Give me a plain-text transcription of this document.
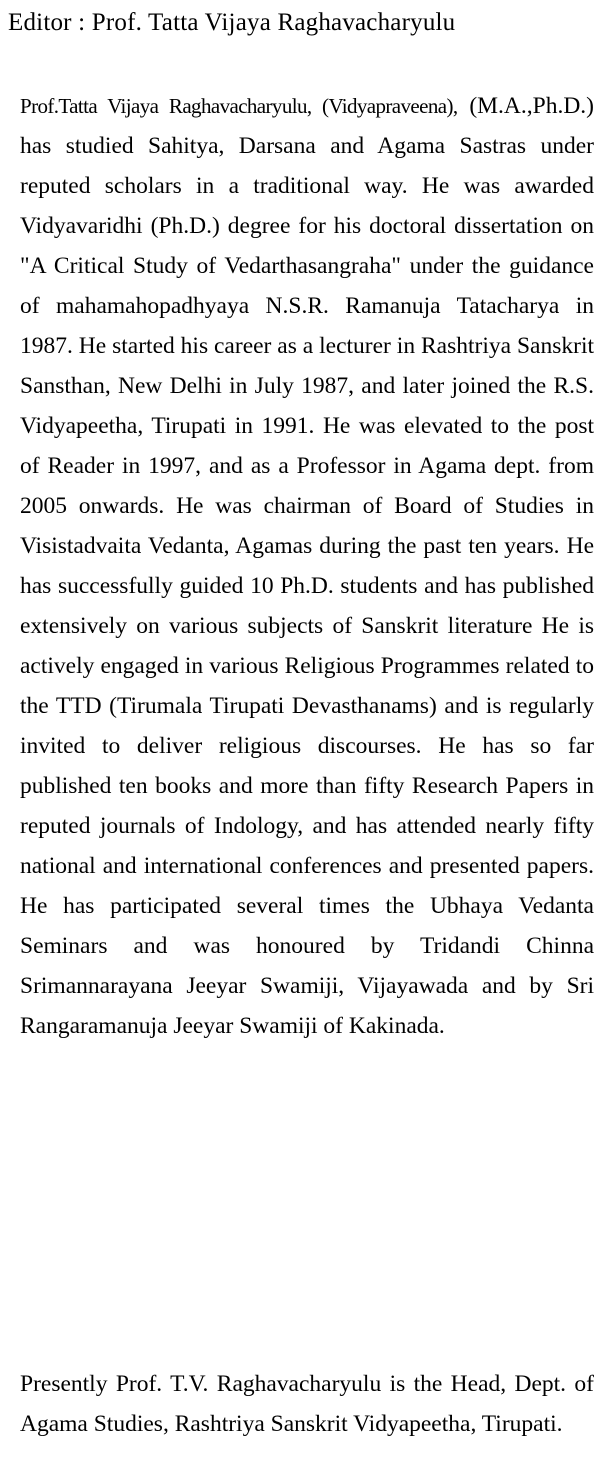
Editor : Prof. Tatta Vijaya Raghavacharyulu

Prof.Tatta Vijaya Raghavacharyulu, (Vidyapraveena), (M.A.,Ph.D.) has studied Sahitya, Darsana and Agama Sastras under reputed scholars in a traditional way. He was awarded Vidyavaridhi (Ph.D.) degree for his doctoral dissertation on "A Critical Study of Vedarthasangraha" under the guidance of mahamahopadhyaya N.S.R. Ramanuja Tatacharya in 1987. He started his career as a lecturer in Rashtriya Sanskrit Sansthan, New Delhi in July 1987, and later joined the R.S. Vidyapeetha, Tirupati in 1991. He was elevated to the post of Reader in 1997, and as a Professor in Agama dept. from 2005 onwards. He was chairman of Board of Studies in Visistadvaita Vedanta, Agamas during the past ten years. He has successfully guided 10 Ph.D. students and has published extensively on various subjects of Sanskrit literature He is actively engaged in various Religious Programmes related to the TTD (Tirumala Tirupati Devasthanams) and is regularly invited to deliver religious discourses. He has so far published ten books and more than fifty Research Papers in reputed journals of Indology, and has attended nearly fifty national and international conferences and presented papers. He has participated several times the Ubhaya Vedanta Seminars and was honoured by Tridandi Chinna Srimannarayana Jeeyar Swamiji, Vijayawada and by Sri Rangaramanuja Jeeyar Swamiji of Kakinada.

Presently Prof. T.V. Raghavacharyulu is the Head, Dept. of Agama Studies, Rashtriya Sanskrit Vidyapeetha, Tirupati.
